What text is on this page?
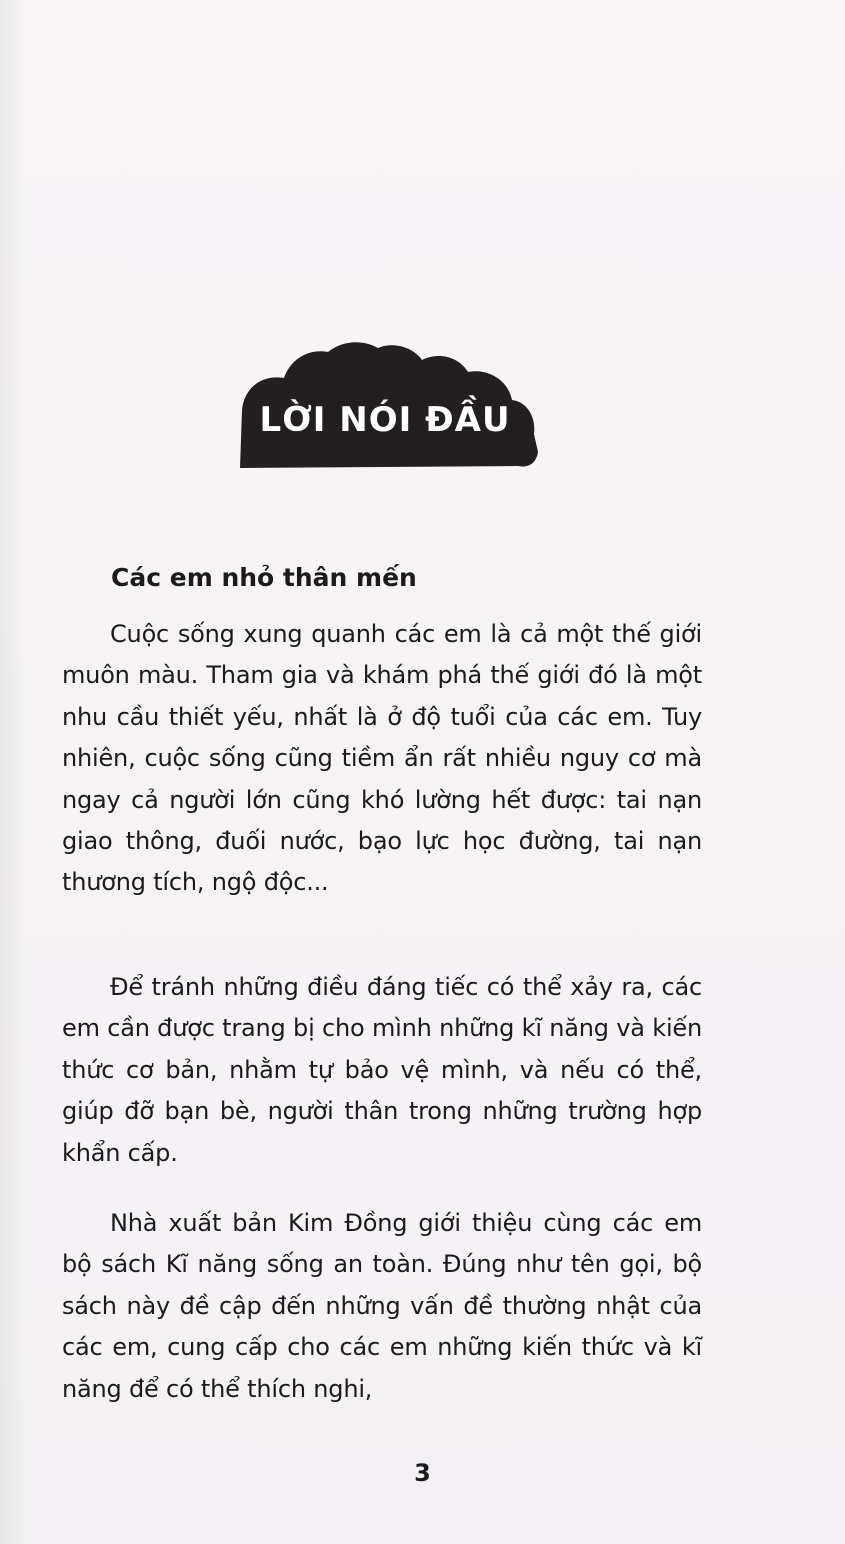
LỜI NÓI ĐẦU
Các em nhỏ thân mến

Cuộc sống xung quanh các em là cả một thế giới muôn màu. Tham gia và khám phá thế giới đó là một nhu cầu thiết yếu, nhất là ở độ tuổi của các em. Tuy nhiên, cuộc sống cũng tiềm ẩn rất nhiều nguy cơ mà ngay cả người lớn cũng khó lường hết được: tai nạn giao thông, đuối nước, bạo lực học đường, tai nạn thương tích, ngộ độc...

Để tránh những điều đáng tiếc có thể xảy ra, các em cần được trang bị cho mình những kĩ năng và kiến thức cơ bản, nhằm tự bảo vệ mình, và nếu có thể, giúp đỡ bạn bè, người thân trong những trường hợp khẩn cấp.

Nhà xuất bản Kim Đồng giới thiệu cùng các em bộ sách Kĩ năng sống an toàn. Đúng như tên gọi, bộ sách này đề cập đến những vấn đề thường nhật của các em, cung cấp cho các em những kiến thức và kĩ năng để có thể thích nghi,

3
